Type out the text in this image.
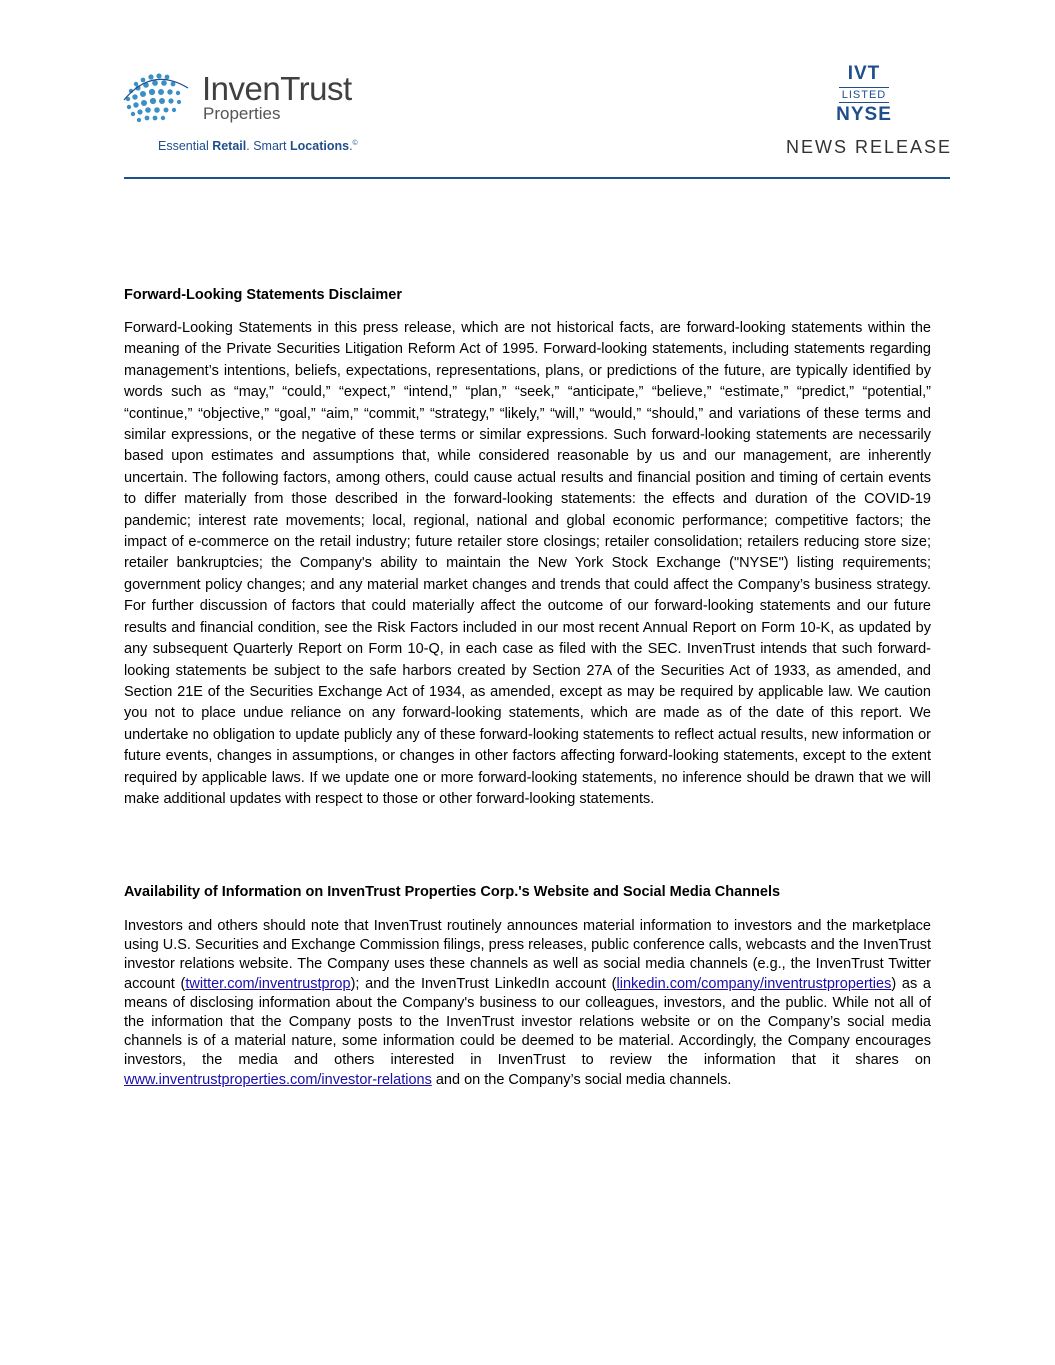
InvenTrust
Properties
Essential Retail. Smart Locations.©
IVT
LISTED
NYSE
NEWS RELEASE
Forward-Looking Statements Disclaimer
Forward-Looking Statements in this press release, which are not historical facts, are forward-looking statements within the meaning of the Private Securities Litigation Reform Act of 1995. Forward-looking statements, including statements regarding management’s intentions, beliefs, expectations, representations, plans, or predictions of the future, are typically identified by words such as “may,” “could,” “expect,” “intend,” “plan,” “seek,” “anticipate,” “believe,” “estimate,” “predict,” “potential,” “continue,” “objective,” “goal,” “aim,” “commit,” “strategy,” “likely,” “will,” “would,” “should,” and variations of these terms and similar expressions, or the negative of these terms or similar expressions. Such forward-looking statements are necessarily based upon estimates and assumptions that, while considered reasonable by us and our management, are inherently uncertain. The following factors, among others, could cause actual results and financial position and timing of certain events to differ materially from those described in the forward-looking statements: the effects and duration of the COVID-19 pandemic; interest rate movements; local, regional, national and global economic performance; competitive factors; the impact of e-commerce on the retail industry; future retailer store closings; retailer consolidation; retailers reducing store size; retailer bankruptcies; the Company's ability to maintain the New York Stock Exchange ("NYSE") listing requirements; government policy changes; and any material market changes and trends that could affect the Company’s business strategy. For further discussion of factors that could materially affect the outcome of our forward-looking statements and our future results and financial condition, see the Risk Factors included in our most recent Annual Report on Form 10-K, as updated by any subsequent Quarterly Report on Form 10-Q, in each case as filed with the SEC. InvenTrust intends that such forward-looking statements be subject to the safe harbors created by Section 27A of the Securities Act of 1933, as amended, and Section 21E of the Securities Exchange Act of 1934, as amended, except as may be required by applicable law. We caution you not to place undue reliance on any forward-looking statements, which are made as of the date of this report. We undertake no obligation to update publicly any of these forward-looking statements to reflect actual results, new information or future events, changes in assumptions, or changes in other factors affecting forward-looking statements, except to the extent required by applicable laws. If we update one or more forward-looking statements, no inference should be drawn that we will make additional updates with respect to those or other forward-looking statements.
Availability of Information on InvenTrust Properties Corp.'s Website and Social Media Channels
Investors and others should note that InvenTrust routinely announces material information to investors and the marketplace using U.S. Securities and Exchange Commission filings, press releases, public conference calls, webcasts and the InvenTrust investor relations website. The Company uses these channels as well as social media channels (e.g., the InvenTrust Twitter account (twitter.com/inventrustprop); and the InvenTrust LinkedIn account (linkedin.com/company/inventrustproperties) as a means of disclosing information about the Company's business to our colleagues, investors, and the public. While not all of the information that the Company posts to the InvenTrust investor relations website or on the Company’s social media channels is of a material nature, some information could be deemed to be material. Accordingly, the Company encourages investors, the media and others interested in InvenTrust to review the information that it shares on www.inventrustproperties.com/investor-relations and on the Company’s social media channels.
